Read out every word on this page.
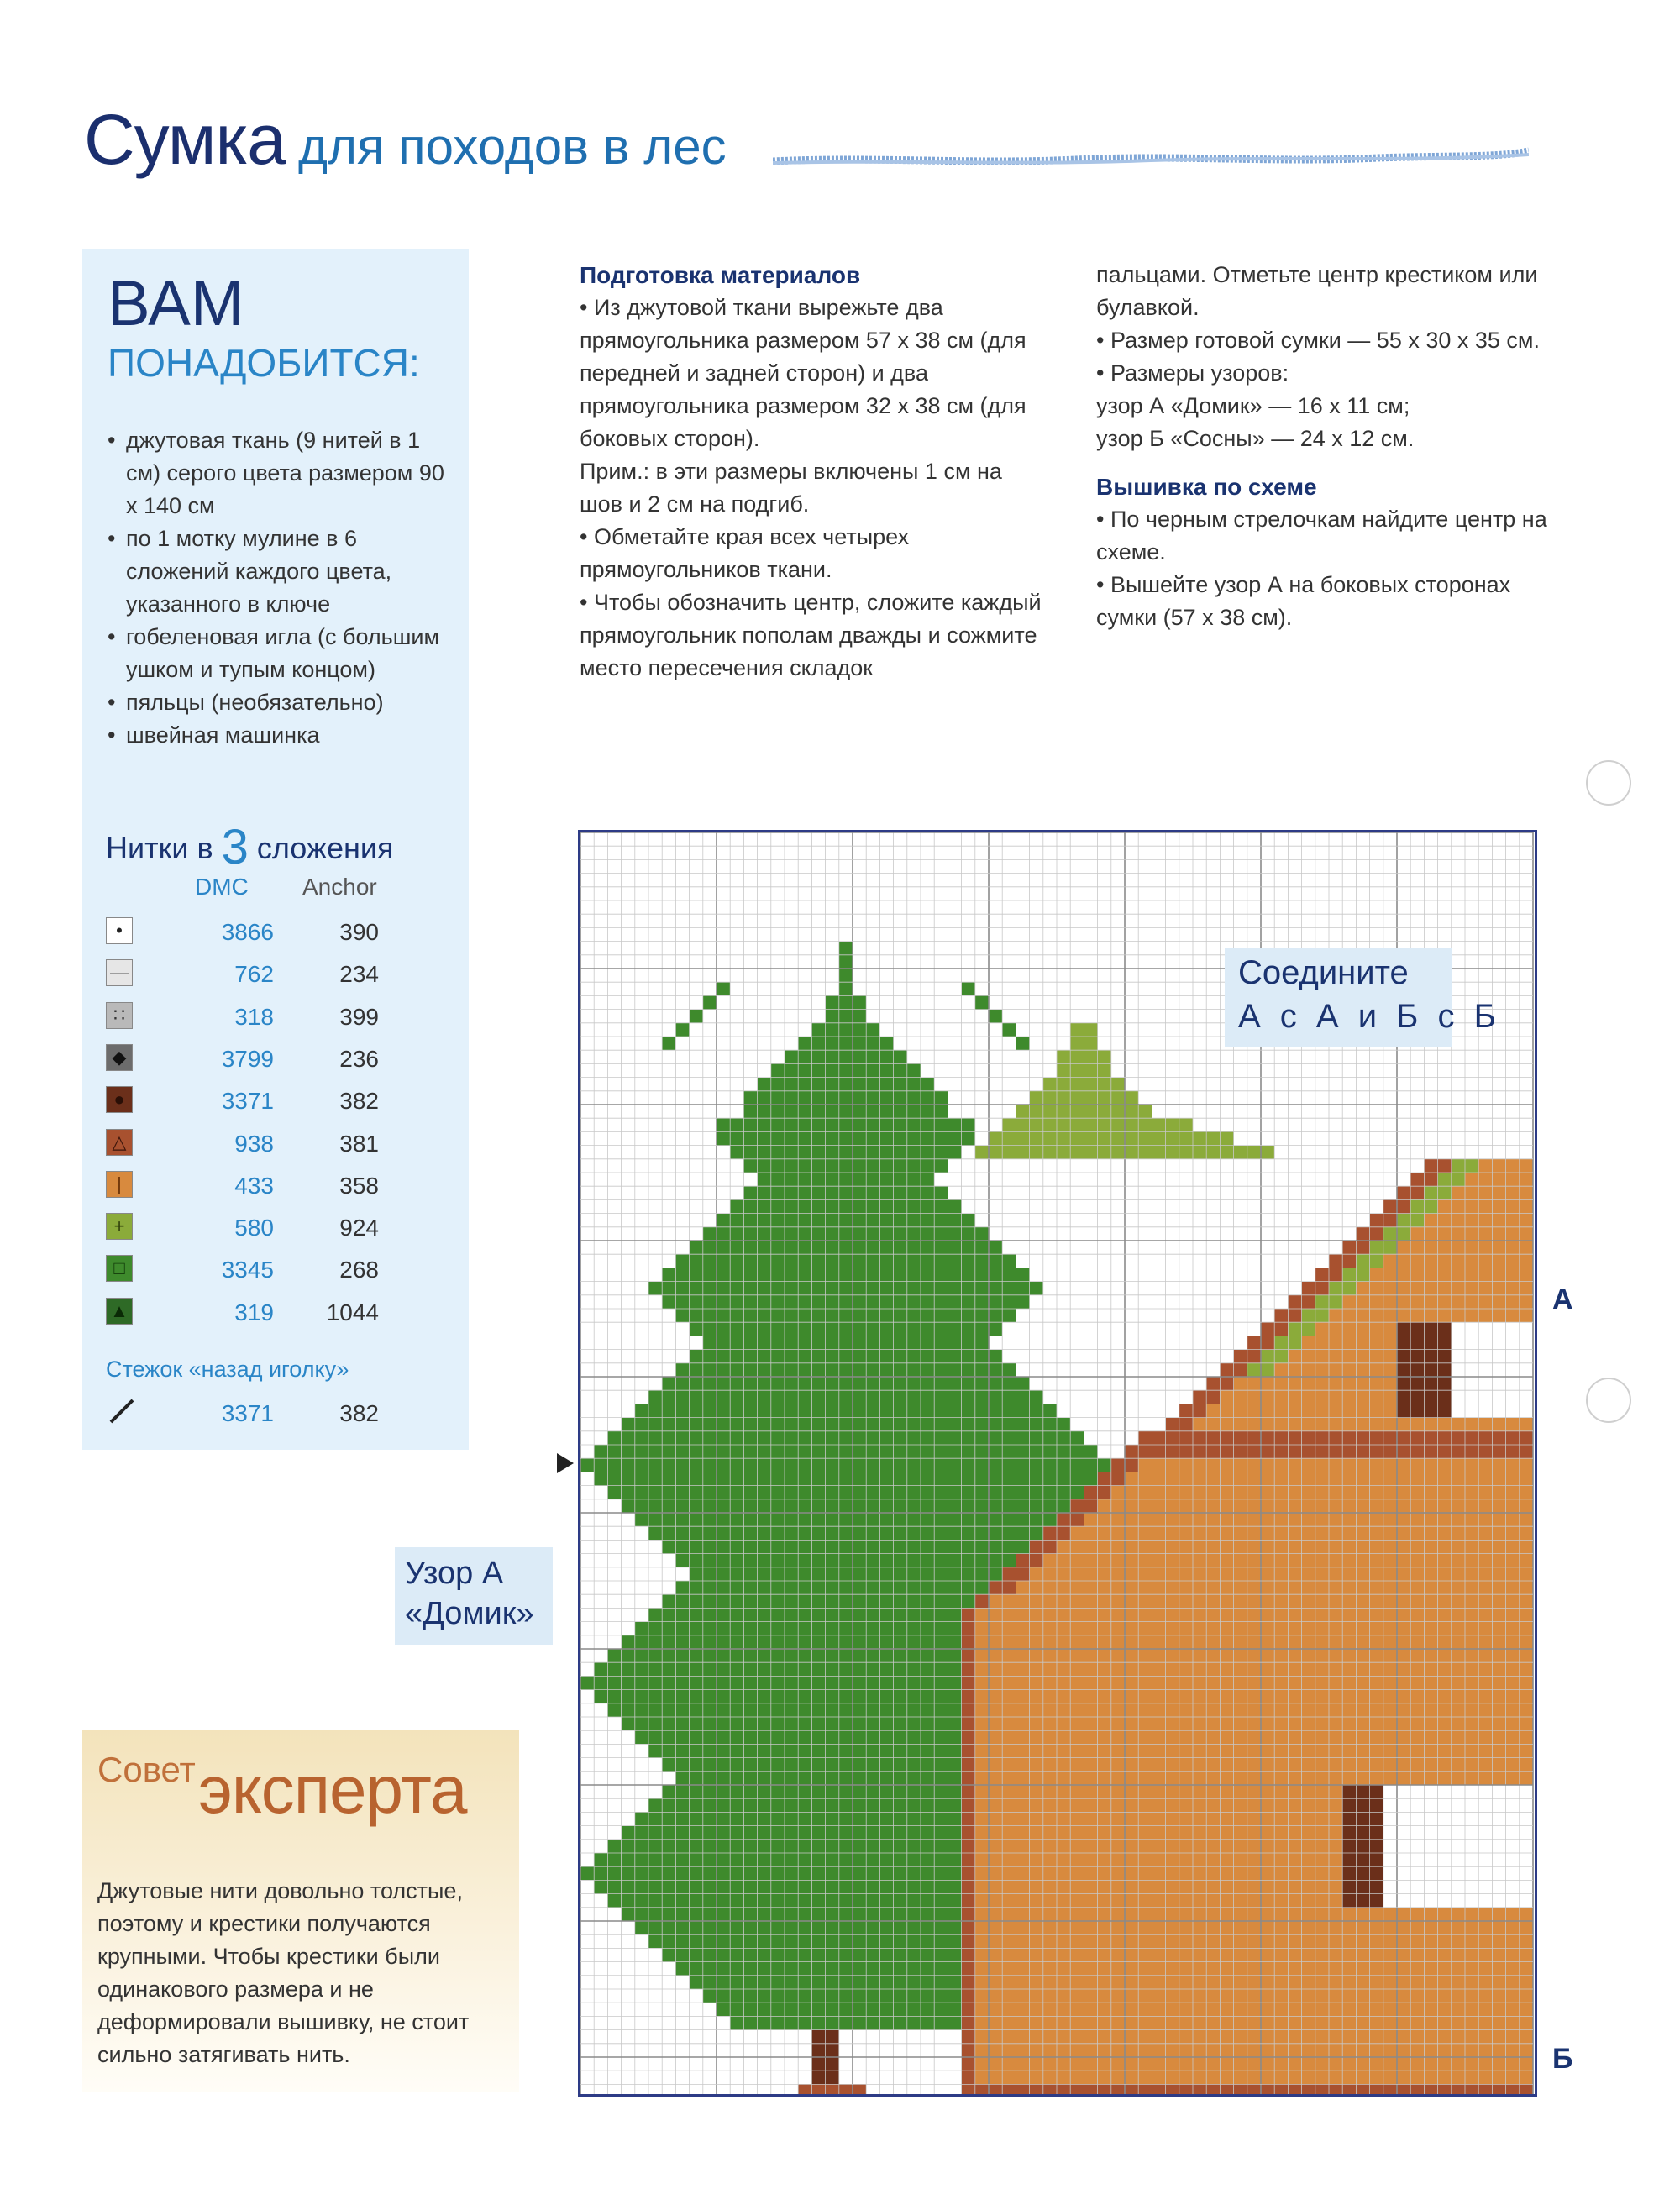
Сумка для походов в лес
ВАМ
ПОНАДОБИТСЯ:
• джутовая ткань (9 нитей в 1 см) серого цвета размером 90 х 140 см
• по 1 мотку мулине в 6 сложений каждого цвета, указанного в ключе
• гобеленовая игла (с большим ушком и тупым концом)
• пяльцы (необязательно)
• швейная машинка
Нитки в 3 сложения
DMC Anchor
•	3866	390
—	762	234
∷	318	399
◆	3799	236
●	3371	382
△	938	381
|	433	358
+	580	924
□	3345	268
▲	319	1044
Стежок «назад иголку»
3371	382
Подготовка материалов
• Из джутовой ткани вырежьте два прямоугольника размером 57 х 38 см (для передней и задней сторон) и два прямоугольника размером 32 х 38 см (для боковых сторон).
Прим.: в эти размеры включены 1 см на шов и 2 см на подгиб.
• Обметайте края всех четырех прямоугольников ткани.
• Чтобы обозначить центр, сложите каждый прямоугольник пополам дважды и сожмите место пересечения складок
пальцами. Отметьте центр крестиком или булавкой.
• Размер готовой сумки — 55 х 30 х 35 см.
• Размеры узоров:
узор А «Домик» — 16 х 11 см;
узор Б «Сосны» — 24 х 12 см.
Вышивка по схеме
• По черным стрелочкам найдите центр на схеме.
• Вышейте узор А на боковых сторонах сумки (57 х 38 см).
Совет эксперта
Джутовые нити довольно толстые, поэтому и крестики получаются крупными. Чтобы крестики были одинакового размера и не деформировали вышивку, не стоит сильно затягивать нить.
А
Б
Соедините
А с А и Б с Б
Узор А
«Домик»
